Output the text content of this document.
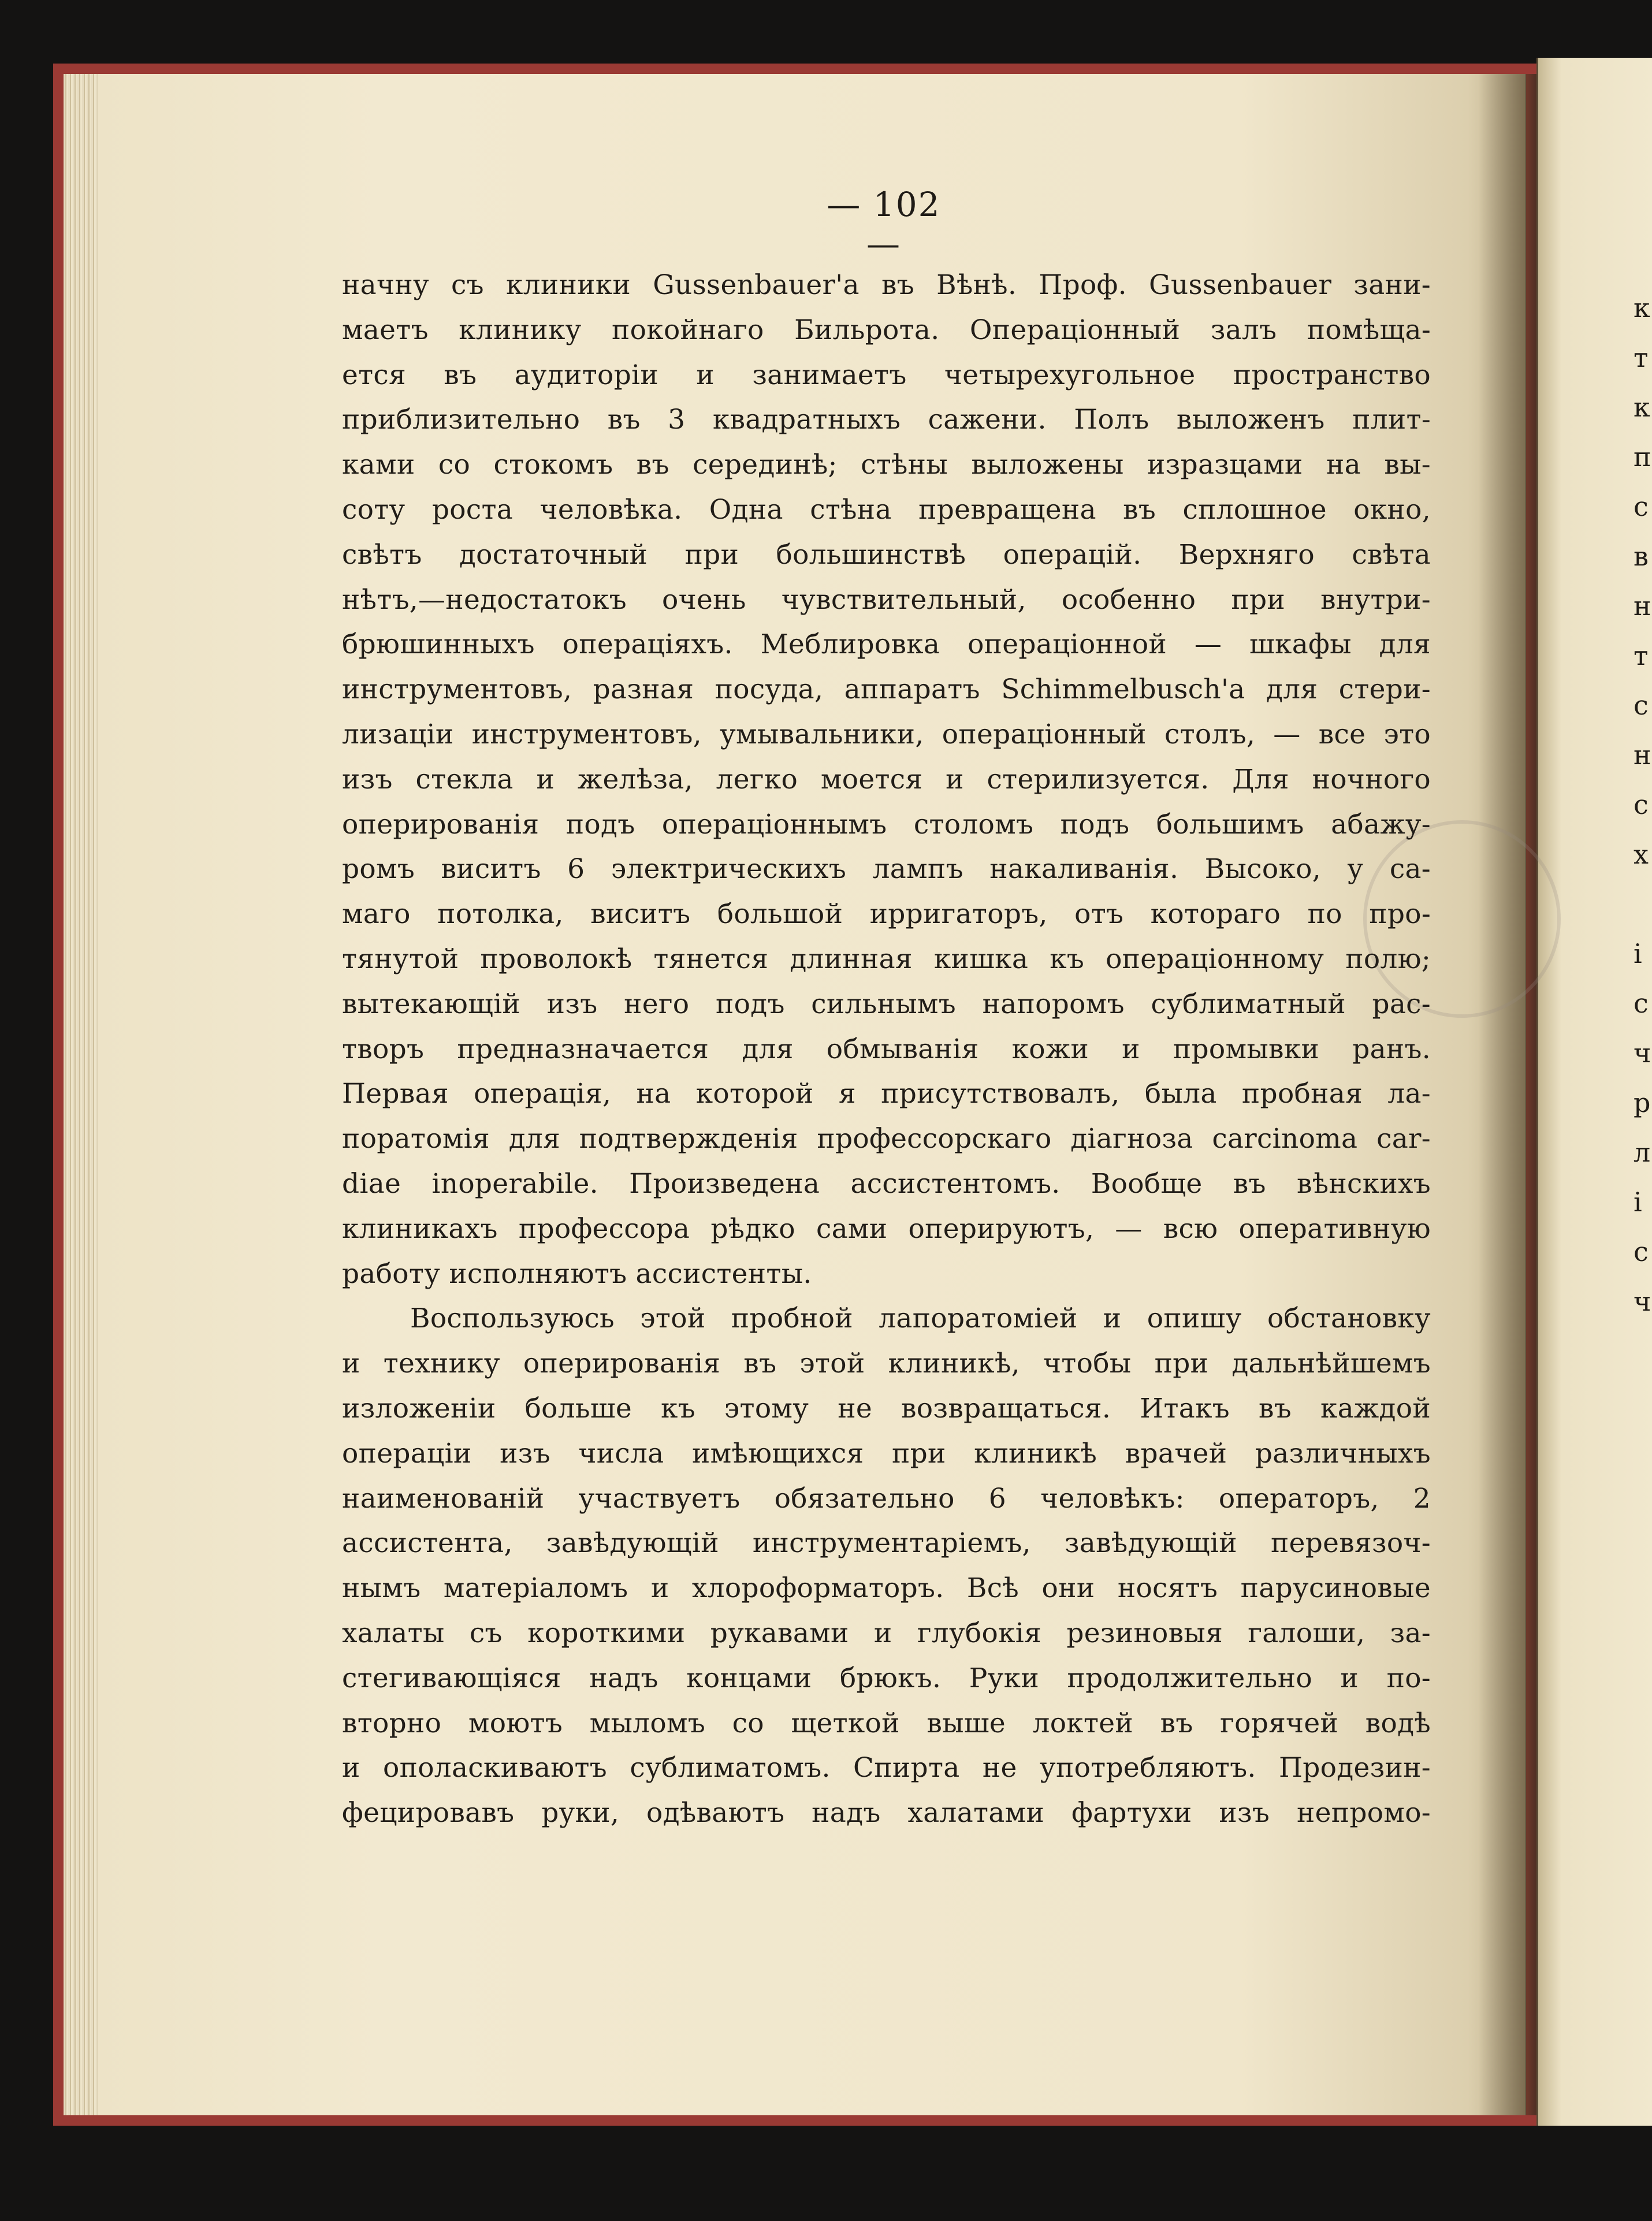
— 102 —
начну съ клиники Gussenbauer'а въ Вѣнѣ. Проф. Gussenbauer зани-
маетъ клинику покойнаго Бильрота. Операціонный залъ помѣща-
ется въ аудиторіи и занимаетъ четырехугольное пространство
приблизительно въ 3 квадратныхъ сажени. Полъ выложенъ плит-
ками со стокомъ въ серединѣ; стѣны выложены изразцами на вы-
соту роста человѣка. Одна стѣна превращена въ сплошное окно,
свѣтъ достаточный при большинствѣ операцій. Верхняго свѣта
нѣтъ,—недостатокъ очень чувствительный, особенно при внутри-
брюшинныхъ операціяхъ. Меблировка операціонной — шкафы для
инструментовъ, разная посуда, аппаратъ Schimmelbusch'а для стери-
лизаціи инструментовъ, умывальники, операціонный столъ, — все это
изъ стекла и желѣза, легко моется и стерилизуется. Для ночного
оперированія подъ операціоннымъ столомъ подъ большимъ абажу-
ромъ виситъ 6 электрическихъ лампъ накаливанія. Высоко, у са-
маго потолка, виситъ большой ирригаторъ, отъ котораго по про-
тянутой проволокѣ тянется длинная кишка къ операціонному полю;
вытекающій изъ него подъ сильнымъ напоромъ сублиматный рас-
творъ предназначается для обмыванія кожи и промывки ранъ.
Первая операція, на которой я присутствовалъ, была пробная ла-
поратомія для подтвержденія профессорскаго діагноза carcinoma car-
diae inoperabile. Произведена ассистентомъ. Вообще въ вѣнскихъ
клиникахъ профессора рѣдко сами оперируютъ, — всю оперативную
работу исполняютъ ассистенты.
Воспользуюсь этой пробной лапоратоміей и опишу обстановку
и технику оперированія въ этой клиникѣ, чтобы при дальнѣйшемъ
изложеніи больше къ этому не возвращаться. Итакъ въ каждой
операціи изъ числа имѣющихся при клиникѣ врачей различныхъ
наименованій участвуетъ обязательно 6 человѣкъ: операторъ, 2
ассистента, завѣдующій инструментаріемъ, завѣдующій перевязоч-
нымъ матеріаломъ и хлороформаторъ. Всѣ они носятъ парусиновые
халаты съ короткими рукавами и глубокія резиновыя галоши, за-
стегивающіяся надъ концами брюкъ. Руки продолжительно и по-
вторно моютъ мыломъ со щеткой выше локтей въ горячей водѣ
и ополаскиваютъ сублиматомъ. Спирта не употребляютъ. Продезин-
фецировавъ руки, одѣваютъ надъ халатами фартухи изъ непромо-
к
т
к
п
с
в
н
т
с
н
с
х
і
с
ч
р
л
і
с
ч
